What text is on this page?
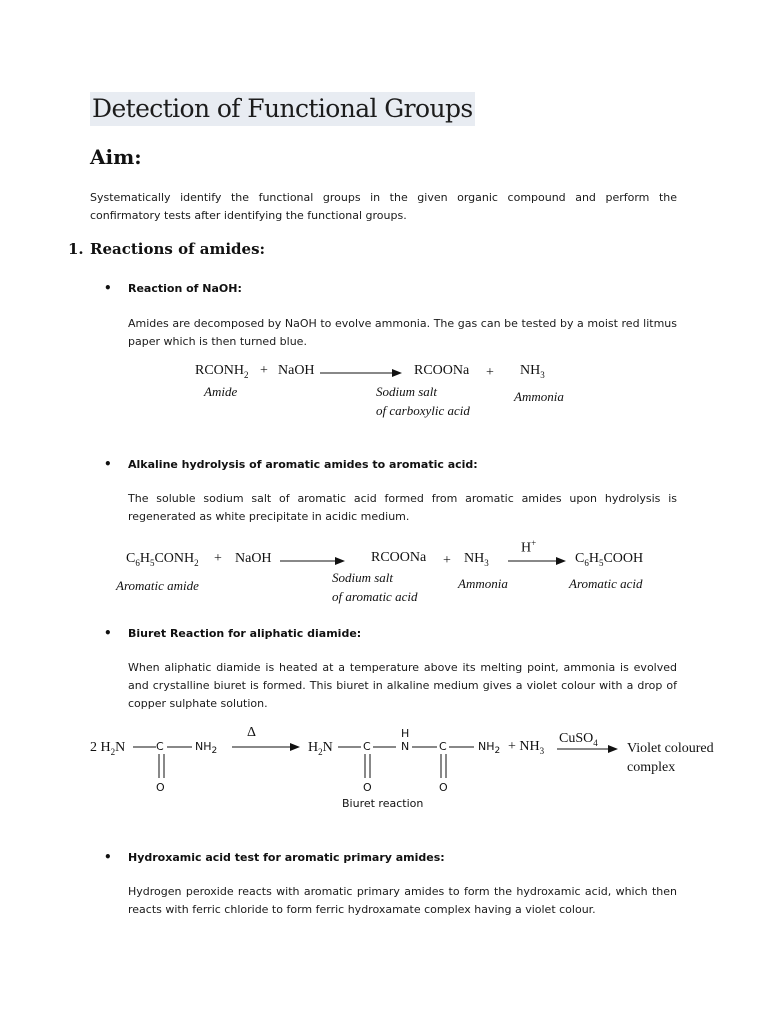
Detection of Functional Groups
Aim:
Systematically identify the functional groups in the given organic compound and perform the confirmatory tests after identifying the functional groups.
1. Reactions of amides:
• Reaction of NaOH:
Amides are decomposed by NaOH to evolve ammonia. The gas can be tested by a moist red litmus paper which is then turned blue.
$RCONH_2$ + NaOH	RCOONa + $NH_3$
Amide	Sodium salt
of carboxylic acid
Ammonia
• Alkaline hydrolysis of aromatic amides to aromatic acid:
The soluble sodium salt of aromatic acid formed from aromatic amides upon hydrolysis is regenerated as white precipitate in acidic medium.
$C_6H_5CONH_2$ + NaOH	RCOONa + $NH_3$
H+
$C_6H_5COOH$
Aromatic amide
Sodium salt
of aromatic acid
Ammonia	Aromatic acid
• Biuret Reaction for aliphatic diamide:
When aliphatic diamide is heated at a temperature above its melting point, ammonia is evolved and crystalline biuret is formed. This biuret in alkaline medium gives a violet colour with a drop of copper sulphate solution.
2 $H_2N$	C	$NH_2$
O
Δ
$H_2N$	C
H
N	C	$NH_2 + NH_3$
O	O
CuSO$_4$ Violet coloured
complex
Biuret reaction
• Hydroxamic acid test for aromatic primary amides:
Hydrogen peroxide reacts with aromatic primary amides to form the hydroxamic acid, which then reacts with ferric chloride to form ferric hydroxamate complex having a violet colour.
